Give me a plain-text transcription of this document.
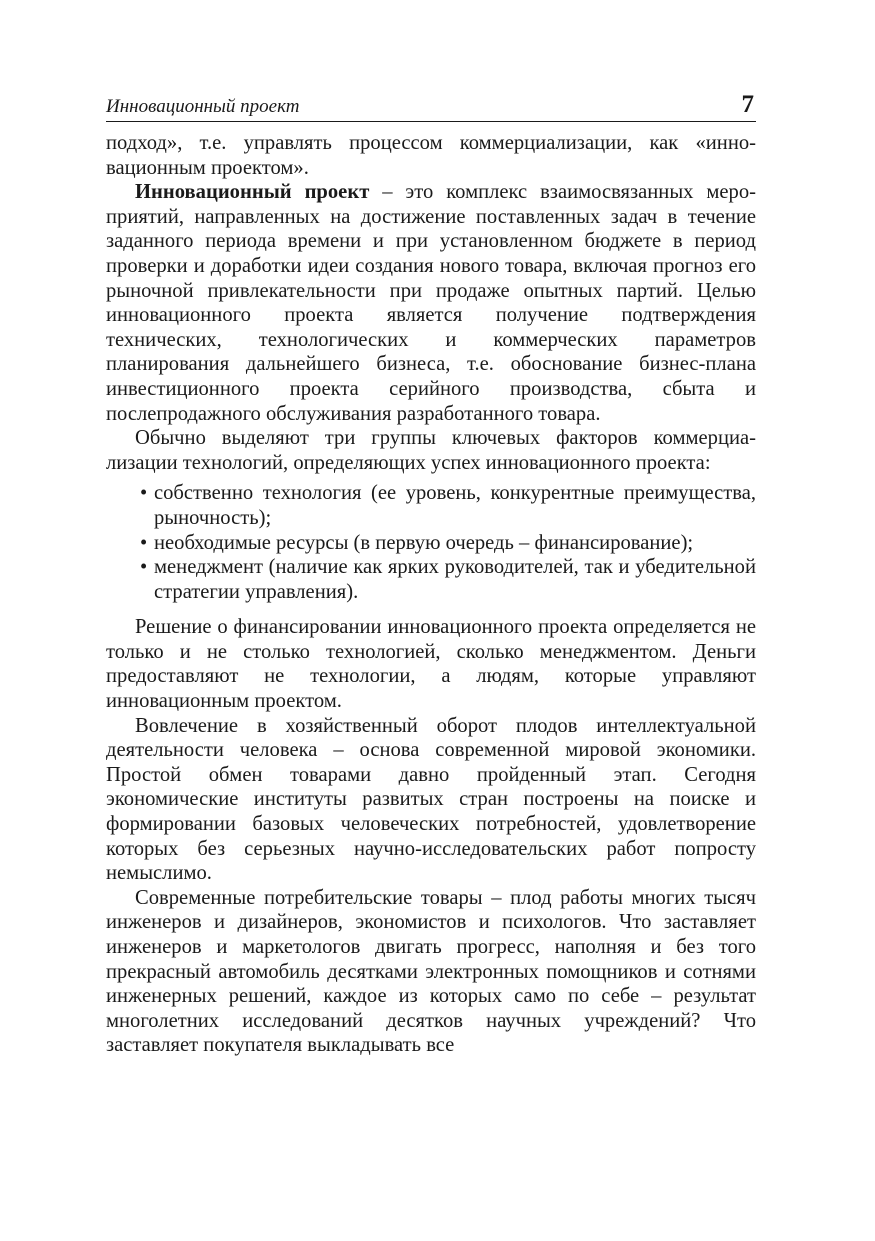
Инновационный проект	7

подход», т.е. управлять процессом коммерциализации, как «инновационным проектом».

Инновационный проект – это комплекс взаимосвязанных мероприятий, направленных на достижение поставленных задач в течение заданного периода времени и при установленном бюджете в период проверки и доработки идеи создания нового товара, включая прогноз его рыночной привлекательности при продаже опытных партий. Целью инновационного проекта является получение подтверждения технических, технологических и коммерческих параметров планирования дальнейшего бизнеса, т.е. обоснование бизнес-плана инвестиционного проекта серийного производства, сбыта и послепродажного обслуживания разработанного товара.

Обычно выделяют три группы ключевых факторов коммерциализации технологий, определяющих успех инновационного проекта:

• собственно технология (ее уровень, конкурентные преимущества, рыночность);
• необходимые ресурсы (в первую очередь – финансирование);
• менеджмент (наличие как ярких руководителей, так и убедительной стратегии управления).

Решение о финансировании инновационного проекта определяется не только и не столько технологией, сколько менеджментом. Деньги предоставляют не технологии, а людям, которые управляют инновационным проектом.

Вовлечение в хозяйственный оборот плодов интеллектуальной деятельности человека – основа современной мировой экономики. Простой обмен товарами давно пройденный этап. Сегодня экономические институты развитых стран построены на поиске и формировании базовых человеческих потребностей, удовлетворение которых без серьезных научно-исследовательских работ попросту немыслимо.

Современные потребительские товары – плод работы многих тысяч инженеров и дизайнеров, экономистов и психологов. Что заставляет инженеров и маркетологов двигать прогресс, наполняя и без того прекрасный автомобиль десятками электронных помощников и сотнями инженерных решений, каждое из которых само по себе – результат многолетних исследований десятков научных учреждений? Что заставляет покупателя выкладывать все
